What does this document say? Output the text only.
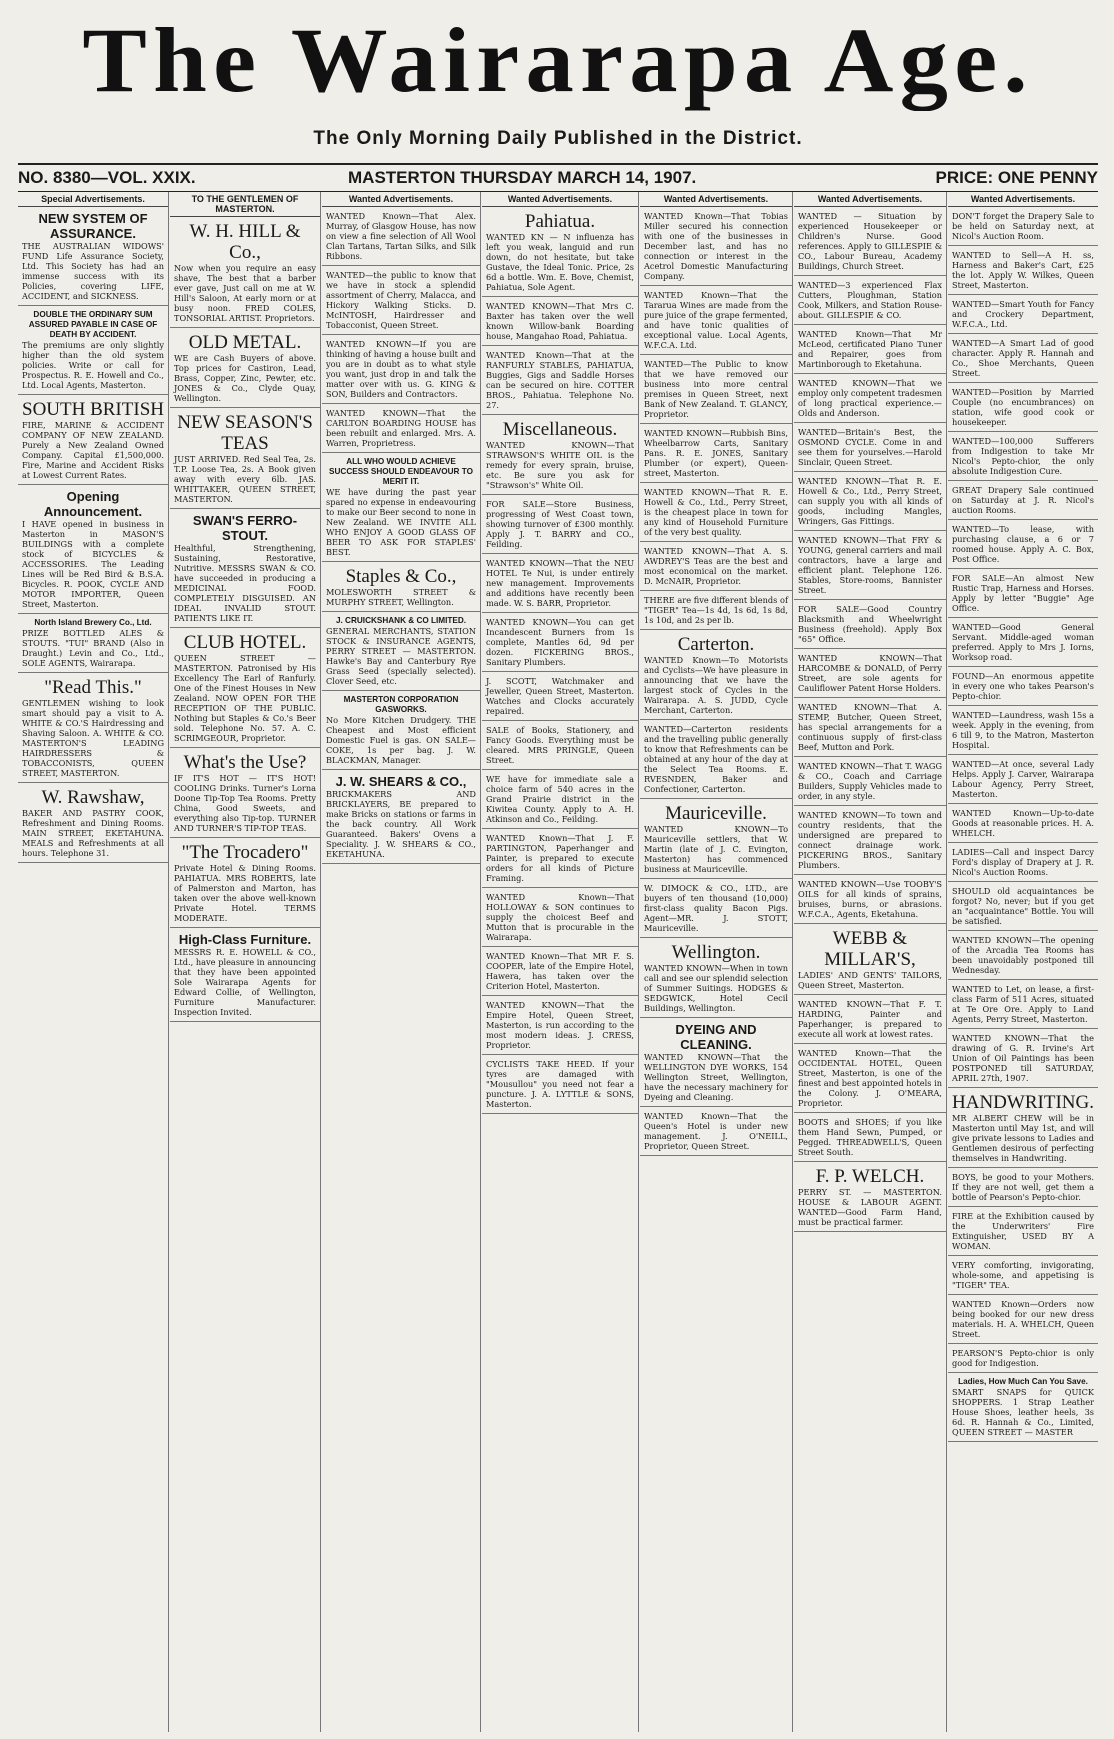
The Wairarapa Age.
The Only Morning Daily Published in the District.
NO. 8380—VOL. XXIX.	MASTERTON THURSDAY MARCH 14, 1907.	PRICE: ONE PENNY
Special Advertisements.
NEW SYSTEM OF ASSURANCE.
THE AUSTRALIAN WIDOWS' FUND Life Assurance Society, Ltd. This Society has had an immense success with its Policies, covering LIFE, ACCIDENT, and SICKNESS.
DOUBLE THE ORDINARY SUM ASSURED PAYABLE IN CASE OF DEATH BY ACCIDENT.
The premiums are only slightly higher than the old system policies. Write or call for Prospectus. R. E. Howell and Co., Ltd. Local Agents, Masterton.
SOUTH BRITISH
FIRE, MARINE & ACCIDENT COMPANY OF NEW ZEALAND. Purely a New Zealand Owned Company. Capital £1,500,000. Fire, Marine and Accident Risks at Lowest Current Rates.
Opening Announcement.
I HAVE opened in business in Masterton in MASON'S BUILDINGS with a complete stock of BICYCLES & ACCESSORIES. The Leading Lines will be Red Bird & B.S.A. Bicycles. R. POOK, CYCLE AND MOTOR IMPORTER, Queen Street, Masterton.
North Island Brewery Co., Ltd.
PRIZE BOTTLED ALES & STOUTS. "TUI" BRAND (Also in Draught.) Levin and Co., Ltd., SOLE AGENTS, Wairarapa.
"Read This."
GENTLEMEN wishing to look smart should pay a visit to A. WHITE & CO.'S Hairdressing and Shaving Saloon. A. WHITE & CO. MASTERTON'S LEADING HAIRDRESSERS & TOBACCONISTS, QUEEN STREET, MASTERTON.
W. Rawshaw,
BAKER AND PASTRY COOK, Refreshment and Dining Rooms. MAIN STREET, EKETAHUNA. MEALS and Refreshments at all hours. Telephone 31.
TO THE GENTLEMEN OF MASTERTON.
W. H. HILL & Co.,
Now when you require an easy shave, The best that a barber ever gave, Just call on me at W. Hill's Saloon, At early morn or at busy noon. FRED COLES, TONSORIAL ARTIST. Proprietors.
OLD METAL.
WE are Cash Buyers of above. Top prices for Castiron, Lead, Brass, Copper, Zinc, Pewter, etc. JONES & Co., Clyde Quay, Wellington.
NEW SEASON'S TEAS
JUST ARRIVED. Red Seal Tea, 2s. T.P. Loose Tea, 2s. A Book given away with every 6lb. JAS. WHITTAKER, QUEEN STREET, MASTERTON.
SWAN'S FERRO-STOUT.
Healthful, Strengthening, Sustaining, Restorative, Nutritive. MESSRS SWAN & CO. have succeeded in producing a MEDICINAL FOOD. COMPLETELY DISGUISED. AN IDEAL INVALID STOUT. PATIENTS LIKE IT.
CLUB HOTEL.
QUEEN STREET — MASTERTON. Patronised by His Excellency The Earl of Ranfurly. One of the Finest Houses in New Zealand. NOW OPEN FOR THE RECEPTION OF THE PUBLIC. Nothing but Staples & Co.'s Beer sold. Telephone No. 57. A. C. SCRIMGEOUR, Proprietor.
What's the Use?
IF IT'S HOT — IT'S HOT! COOLING Drinks. Turner's Lorna Doone Tip-Top Tea Rooms. Pretty China, Good Sweets, and everything also Tip-top. TURNER AND TURNER'S TIP-TOP TEAS.
"The Trocadero"
Private Hotel & Dining Rooms. PAHIATUA. MRS ROBERTS, late of Palmerston and Marton, has taken over the above well-known Private Hotel. TERMS MODERATE.
High-Class Furniture.
MESSRS R. E. HOWELL & CO., Ltd., have pleasure in announcing that they have been appointed Sole Wairarapa Agents for Edward Collie, of Wellington, Furniture Manufacturer. Inspection Invited.
Wanted Advertisements.
WANTED Known—That Alex. Murray, of Glasgow House, has now on view a fine selection of All Wool Clan Tartans, Tartan Silks, and Silk Ribbons.
WANTED—the public to know that we have in stock a splendid assortment of Cherry, Malacca, and Hickory Walking Sticks. D. McINTOSH, Hairdresser and Tobacconist, Queen Street.
WANTED KNOWN—If you are thinking of having a house built and you are in doubt as to what style you want, just drop in and talk the matter over with us. G. KING & SON, Builders and Contractors.
WANTED KNOWN—That the CARLTON BOARDING HOUSE has been rebuilt and enlarged. Mrs. A. Warren, Proprietress.
ALL WHO WOULD ACHIEVE SUCCESS SHOULD ENDEAVOUR TO MERIT IT.
WE have during the past year spared no expense in endeavouring to make our Beer second to none in New Zealand. WE INVITE ALL WHO ENJOY A GOOD GLASS OF BEER TO ASK FOR STAPLES' BEST.
Staples & Co.,
MOLESWORTH STREET & MURPHY STREET, Wellington.
J. CRUICKSHANK & CO LIMITED.
GENERAL MERCHANTS, STATION STOCK & INSURANCE AGENTS, PERRY STREET — MASTERTON. Hawke's Bay and Canterbury Rye Grass Seed (specially selected). Clover Seed, etc.
MASTERTON CORPORATION GASWORKS.
No More Kitchen Drudgery. THE Cheapest and Most efficient Domestic Fuel is gas. ON SALE—COKE, 1s per bag. J. W. BLACKMAN, Manager.
J. W. SHEARS & CO.,
BRICKMAKERS AND BRICKLAYERS, BE prepared to make Bricks on stations or farms in the back country. All Work Guaranteed. Bakers' Ovens a Speciality. J. W. SHEARS & CO., EKETAHUNA.
Wanted Advertisements.
Pahiatua.
WANTED KN — N influenza has left you weak, languid and run down, do not hesitate, but take Gustave, the Ideal Tonic. Price, 2s 6d a bottle. Wm. E. Bove, Chemist, Pahiatua, Sole Agent.
WANTED KNOWN—That Mrs C. Baxter has taken over the well known Willow-bank Boarding house, Mangahao Road, Pahiatua.
WANTED Known—That at the RANFURLY STABLES, PAHIATUA, Buggies, Gigs and Saddle Horses can be secured on hire. COTTER BROS., Pahiatua. Telephone No. 27.
Miscellaneous.
WANTED KNOWN—That STRAWSON'S WHITE OIL is the remedy for every sprain, bruise, etc. Be sure you ask for "Strawson's" White Oil.
FOR SALE—Store Business, progressing of West Coast town, showing turnover of £300 monthly. Apply J. T. BARRY and CO., Feilding.
WANTED KNOWN—That the NEU HOTEL Te Nui, is under entirely new management. Improvements and additions have recently been made. W. S. BARR, Proprietor.
WANTED KNOWN—You can get Incandescent Burners from 1s complete, Mantles 6d, 9d per dozen. FICKERING BROS., Sanitary Plumbers.
J. SCOTT, Watchmaker and Jeweller, Queen Street, Masterton. Watches and Clocks accurately repaired.
SALE of Books, Stationery, and Fancy Goods. Everything must be cleared. MRS PRINGLE, Queen Street.
WE have for immediate sale a choice farm of 540 acres in the Grand Prairie district in the Kiwitea County. Apply to A. H. Atkinson and Co., Feilding.
WANTED Known—That J. F. PARTINGTON, Paperhanger and Painter, is prepared to execute orders for all kinds of Picture Framing.
WANTED Known—That HOLLOWAY & SON continues to supply the choicest Beef and Mutton that is procurable in the Wairarapa.
WANTED Known—That MR F. S. COOPER, late of the Empire Hotel, Hawera, has taken over the Criterion Hotel, Masterton.
WANTED KNOWN—That the Empire Hotel, Queen Street, Masterton, is run according to the most modern ideas. J. CRESS, Proprietor.
CYCLISTS TAKE HEED. If your tyres are damaged with "Mousullou" you need not fear a puncture. J. A. LYTTLE & SONS, Masterton.
Wanted Advertisements.
WANTED Known—That Tobias Miller secured his connection with one of the businesses in December last, and has no connection or interest in the Acetrol Domestic Manufacturing Company.
WANTED Known—That the Tararua Wines are made from the pure juice of the grape fermented, and have tonic qualities of exceptional value. Local Agents, W.F.C.A. Ltd.
WANTED—The Public to know that we have removed our business into more central premises in Queen Street, next Bank of New Zealand. T. GLANCY, Proprietor.
WANTED KNOWN—Rubbish Bins, Wheelbarrow Carts, Sanitary Pans. R. E. JONES, Sanitary Plumber (or expert), Queen-street, Masterton.
WANTED KNOWN—That R. E. Howell & Co., Ltd., Perry Street, is the cheapest place in town for any kind of Household Furniture of the very best quality.
WANTED KNOWN—That A. S. AWDREY'S Teas are the best and most economical on the market. D. McNAIR, Proprietor.
THERE are five different blends of "TIGER" Tea—1s 4d, 1s 6d, 1s 8d, 1s 10d, and 2s per lb.
Carterton.
WANTED Known—To Motorists and Cyclists—We have pleasure in announcing that we have the largest stock of Cycles in the Wairarapa. A. S. JUDD, Cycle Merchant, Carterton.
WANTED—Carterton residents and the travelling public generally to know that Refreshments can be obtained at any hour of the day at the Select Tea Rooms. E. RVESNDEN, Baker and Confectioner, Carterton.
Mauriceville.
WANTED KNOWN—To Mauriceville settlers, that W. Martin (late of J. C. Evington, Masterton) has commenced business at Mauriceville.
W. DIMOCK & CO., LTD., are buyers of ten thousand (10,000) first-class quality Bacon Pigs. Agent—MR. J. STOTT, Mauriceville.
Wellington.
WANTED KNOWN—When in town call and see our splendid selection of Summer Suitings. HODGES & SEDGWICK, Hotel Cecil Buildings, Wellington.
DYEING AND CLEANING.
WANTED KNOWN—That the WELLINGTON DYE WORKS, 154 Wellington Street, Wellington, have the necessary machinery for Dyeing and Cleaning.
WANTED Known—That the Queen's Hotel is under new management. J. O'NEILL, Proprietor, Queen Street.
Wanted Advertisements.
WANTED — Situation by experienced Housekeeper or Children's Nurse. Good references. Apply to GILLESPIE & CO., Labour Bureau, Academy Buildings, Church Street.
WANTED—3 experienced Flax Cutters, Ploughman, Station Cook, Milkers, and Station Rouse-about. GILLESPIE & CO.
WANTED Known—That Mr McLeod, certificated Piano Tuner and Repairer, goes from Martinborough to Eketahuna.
WANTED KNOWN—That we employ only competent tradesmen of long practical experience.—Olds and Anderson.
WANTED—Britain's Best, the OSMOND CYCLE. Come in and see them for yourselves.—Harold Sinclair, Queen Street.
WANTED KNOWN—That R. E. Howell & Co., Ltd., Perry Street, can supply you with all kinds of goods, including Mangles, Wringers, Gas Fittings.
WANTED KNOWN—That FRY & YOUNG, general carriers and mail contractors, have a large and efficient plant. Telephone 126. Stables, Store-rooms, Bannister Street.
FOR SALE—Good Country Blacksmith and Wheelwright Business (freehold). Apply Box "65" Office.
WANTED KNOWN—That HARCOMBE & DONALD, of Perry Street, are sole agents for Cauliflower Patent Horse Holders.
WANTED KNOWN—That A. STEMP, Butcher, Queen Street, has special arrangements for a continuous supply of first-class Beef, Mutton and Pork.
WANTED KNOWN—That T. WAGG & CO., Coach and Carriage Builders, Supply Vehicles made to order, in any style.
WANTED KNOWN—To town and country residents, that the undersigned are prepared to connect drainage work. PICKERING BROS., Sanitary Plumbers.
WANTED KNOWN—Use TOOBY'S OILS for all kinds of sprains, bruises, burns, or abrasions. W.F.C.A., Agents, Eketahuna.
WEBB & MILLAR'S,
LADIES' AND GENTS' TAILORS, Queen Street, Masterton.
WANTED KNOWN—That F. T. HARDING, Painter and Paperhanger, is prepared to execute all work at lowest rates.
WANTED Known—That the OCCIDENTAL HOTEL, Queen Street, Masterton, is one of the finest and best appointed hotels in the Colony. J. O'MEARA, Proprietor.
BOOTS and SHOES; if you like them Hand Sewn, Pumped, or Pegged. THREADWELL'S, Queen Street South.
F. P. WELCH.
PERRY ST. — MASTERTON. HOUSE & LABOUR AGENT. WANTED—Good Farm Hand, must be practical farmer.
Wanted Advertisements.
DON'T forget the Drapery Sale to be held on Saturday next, at Nicol's Auction Room.
WANTED to Sell—A H. ss, Harness and Baker's Cart, £25 the lot. Apply W. Wilkes, Queen Street, Masterton.
WANTED—Smart Youth for Fancy and Crockery Department, W.F.C.A., Ltd.
WANTED—A Smart Lad of good character. Apply R. Hannah and Co., Shoe Merchants, Queen Street.
WANTED—Position by Married Couple (no encumbrances) on station, wife good cook or housekeeper.
WANTED—100,000 Sufferers from Indigestion to take Mr Nicol's Pepto-chior, the only absolute Indigestion Cure.
GREAT Drapery Sale continued on Saturday at J. R. Nicol's auction Rooms.
WANTED—To lease, with purchasing clause, a 6 or 7 roomed house. Apply A. C. Box, Post Office.
FOR SALE—An almost New Rustic Trap, Harness and Horses. Apply by letter "Buggie" Age Office.
WANTED—Good General Servant. Middle-aged woman preferred. Apply to Mrs J. Iorns, Worksop road.
FOUND—An enormous appetite in every one who takes Pearson's Pepto-chior.
WANTED—Laundress, wash 15s a week. Apply in the evening, from 6 till 9, to the Matron, Masterton Hospital.
WANTED—At once, several Lady Helps. Apply J. Carver, Wairarapa Labour Agency, Perry Street, Masterton.
WANTED Known—Up-to-date Goods at reasonable prices. H. A. WHELCH.
LADIES—Call and inspect Darcy Ford's display of Drapery at J. R. Nicol's Auction Rooms.
SHOULD old acquaintances be forgot? No, never; but if you get an "acquaintance" Bottle. You will be satisfied.
WANTED KNOWN—The opening of the Arcadia Tea Rooms has been unavoidably postponed till Wednesday.
WANTED to Let, on lease, a first-class Farm of 511 Acres, situated at Te Ore Ore. Apply to Land Agents, Perry Street, Masterton.
WANTED KNOWN—That the drawing of G. R. Irvine's Art Union of Oil Paintings has been POSTPONED till SATURDAY, APRIL 27th, 1907.
HANDWRITING.
MR ALBERT CHEW will be in Masterton until May 1st, and will give private lessons to Ladies and Gentlemen desirous of perfecting themselves in Handwriting.
BOYS, be good to your Mothers. If they are not well, get them a bottle of Pearson's Pepto-chior.
FIRE at the Exhibition caused by the Underwriters' Fire Extinguisher, USED BY A WOMAN.
VERY comforting, invigorating, whole-some, and appetising is "TIGER" TEA.
WANTED Known—Orders now being booked for our new dress materials. H. A. WHELCH, Queen Street.
PEARSON'S Pepto-chior is only good for Indigestion.
Ladies, How Much Can You Save.
SMART SNAPS for QUICK SHOPPERS. 1 Strap Leather House Shoes, leather heels, 3s 6d. R. Hannah & Co., Limited, QUEEN STREET — MASTER
